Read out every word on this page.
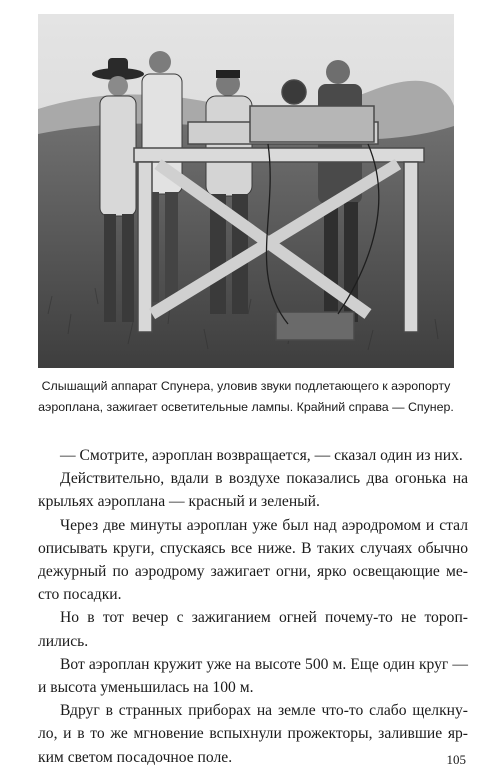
Слышащий аппарат Спунера, уловив звуки подлетающего к аэропорту
аэроплана, зажигает осветительные лампы. Крайний справа — Спунер.

— Смотрите, аэроплан возвращается, — сказал один из них.

Действительно, вдали в воздухе показались два огонька на
крыльях аэроплана — красный и зеленый.

Через две минуты аэроплан уже был над аэродромом и стал
описывать круги, спускаясь все ниже. В таких случаях обычно
дежурный по аэродрому зажигает огни, ярко освещающие ме-
сто посадки.

Но в тот вечер с зажиганием огней почему-то не тороп-
лились.

Вот аэроплан кружит уже на высоте 500 м. Еще один круг —
и высота уменьшилась на 100 м.

Вдруг в странных приборах на земле что-то слабо щелкну-
ло, и в то же мгновение вспыхнули прожекторы, залившие яр-
ким светом посадочное поле.	105
